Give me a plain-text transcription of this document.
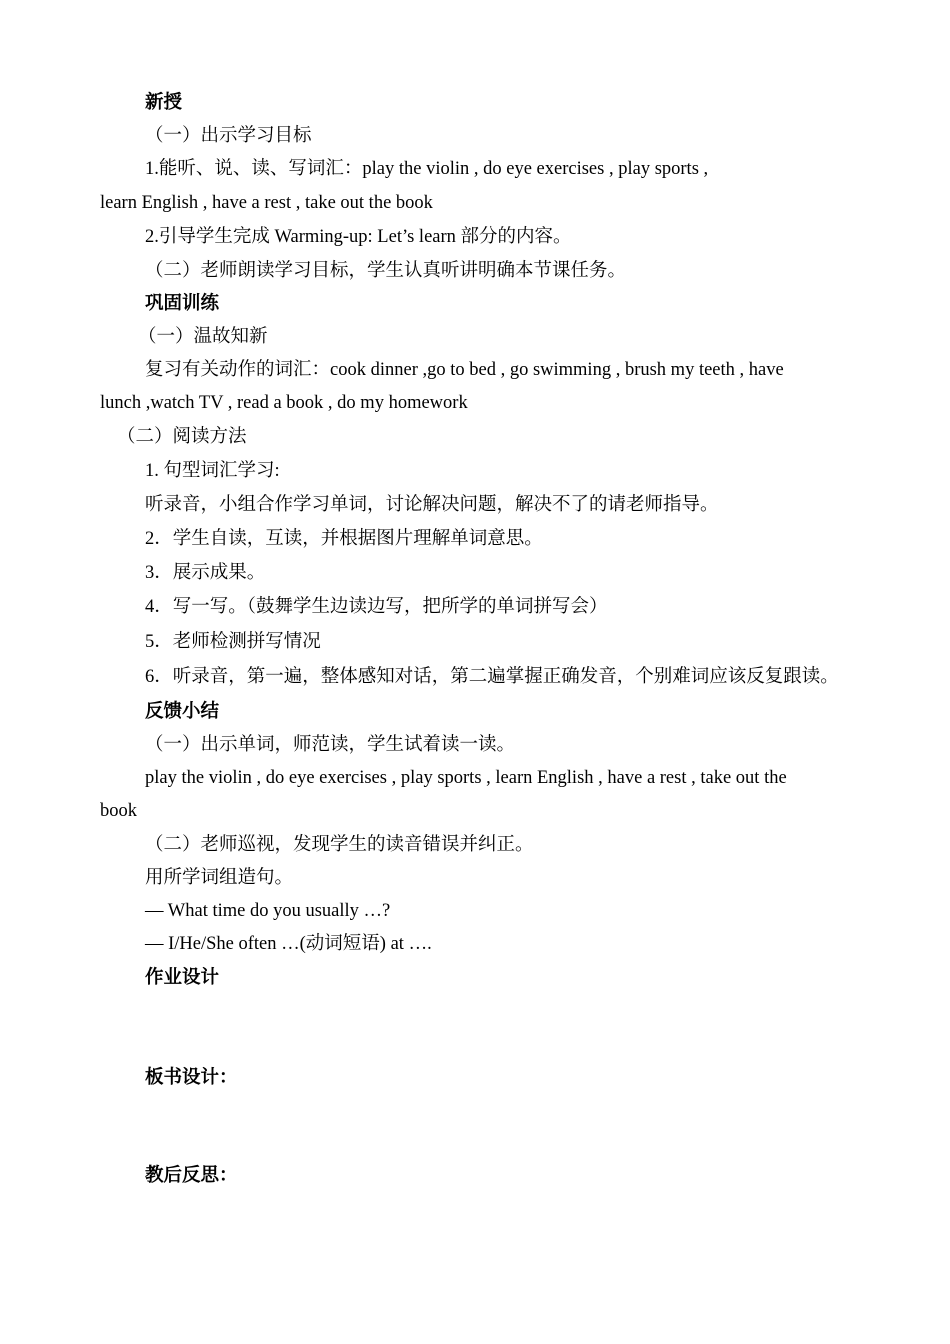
新授
（一）出示学习目标
1.能听、说、读、写词汇：play the violin , do eye exercises , play sports ,
learn English , have a rest , take out the book
2.引导学生完成 Warming-up: Let’s learn 部分的内容。
（二）老师朗读学习目标，学生认真听讲明确本节课任务。
巩固训练
（一）温故知新
复习有关动作的词汇：cook dinner ,go to bed , go swimming , brush my teeth , have
lunch ,watch TV , read a book , do my homework
（二）阅读方法
1. 句型词汇学习:
听录音，小组合作学习单词，讨论解决问题，解决不了的请老师指导。
2．学生自读，互读，并根据图片理解单词意思。
3．展示成果。
4．写一写。（鼓舞学生边读边写，把所学的单词拼写会）
5．老师检测拼写情况
6．听录音，第一遍，整体感知对话，第二遍掌握正确发音，个别难词应该反复跟读。
反馈小结
（一）出示单词，师范读，学生试着读一读。
play the violin , do eye exercises , play sports , learn English , have a rest , take out the
book
（二）老师巡视，发现学生的读音错误并纠正。
用所学词组造句。
— What time do you usually …?
— I/He/She often …(动词短语) at ….
作业设计
板书设计：
教后反思：
